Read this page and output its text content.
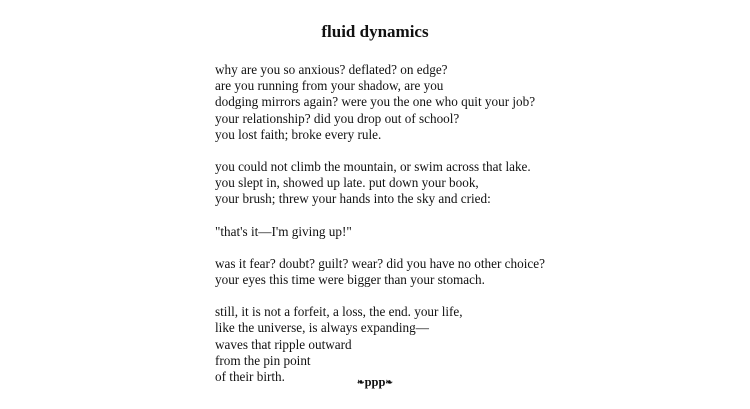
fluid dynamics
why are you so anxious? deflated? on edge?
are you running from your shadow, are you
dodging mirrors again? were you the one who quit your job?
your relationship? did you drop out of school?
you lost faith; broke every rule.
you could not climb the mountain, or swim across that lake.
you slept in, showed up late. put down your book,
your brush; threw your hands into the sky and cried:
"that's it—I'm giving up!"
was it fear? doubt? guilt? wear? did you have no other choice?
your eyes this time were bigger than your stomach.
still, it is not a forfeit, a loss, the end. your life,
like the universe, is always expanding—
waves that ripple outward
from the pin point
of their birth.	❧ppp❧
